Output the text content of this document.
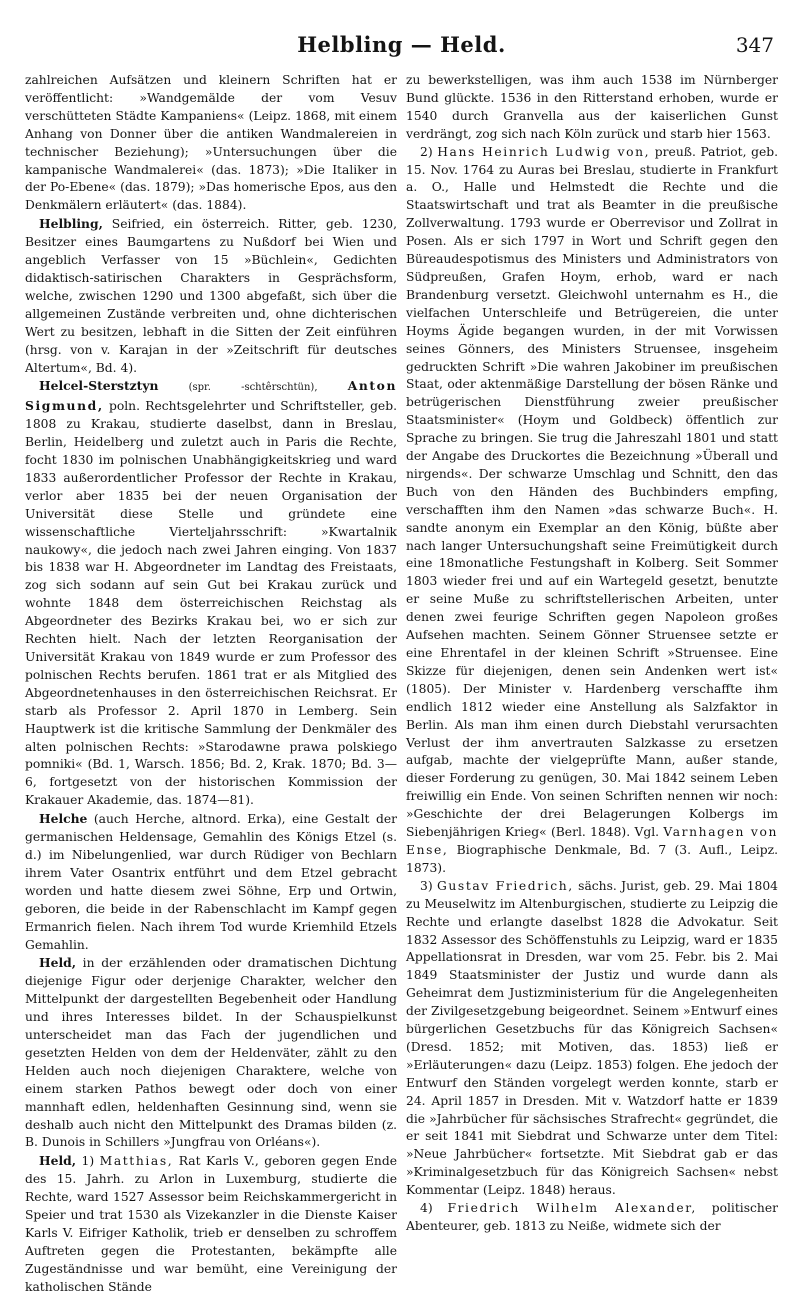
Helbling — Held.	347

zahlreichen Aufsätzen und kleinern Schriften hat er veröffentlicht: »Wandgemälde der vom Vesuv verschütteten Städte Kampaniens« (Leipz. 1868, mit einem Anhang von Donner über die antiken Wandmalereien in technischer Beziehung); »Untersuchungen über die kampanische Wandmalerei« (das. 1873); »Die Italiker in der Po-Ebene« (das. 1879); »Das homerische Epos, aus den Denkmälern erläutert« (das. 1884).

Helbling, Seifried, ein österreich. Ritter, geb. 1230, Besitzer eines Baumgartens zu Nußdorf bei Wien und angeblich Verfasser von 15 »Büchlein«, Gedichten didaktisch-satirischen Charakters in Gesprächsform, welche, zwischen 1290 und 1300 abgefaßt, sich über die allgemeinen Zustände verbreiten und, ohne dichterischen Wert zu besitzen, lebhaft in die Sitten der Zeit einführen (hrsg. von v. Karajan in der »Zeitschrift für deutsches Altertum«, Bd. 4).

Helcel-Sterstztyn (spr. -schtêrschtün), Anton Sigmund, poln. Rechtsgelehrter und Schriftsteller, geb. 1808 zu Krakau, studierte daselbst, dann in Breslau, Berlin, Heidelberg und zuletzt auch in Paris die Rechte, focht 1830 im polnischen Unabhängigkeitskrieg und ward 1833 außerordentlicher Professor der Rechte in Krakau, verlor aber 1835 bei der neuen Organisation der Universität diese Stelle und gründete eine wissenschaftliche Vierteljahrsschrift: »Kwartalnik naukowy«, die jedoch nach zwei Jahren einging. Von 1837 bis 1838 war H. Abgeordneter im Landtag des Freistaats, zog sich sodann auf sein Gut bei Krakau zurück und wohnte 1848 dem österreichischen Reichstag als Abgeordneter des Bezirks Krakau bei, wo er sich zur Rechten hielt. Nach der letzten Reorganisation der Universität Krakau von 1849 wurde er zum Professor des polnischen Rechts berufen. 1861 trat er als Mitglied des Abgeordnetenhauses in den österreichischen Reichsrat. Er starb als Professor 2. April 1870 in Lemberg. Sein Hauptwerk ist die kritische Sammlung der Denkmäler des alten polnischen Rechts: »Starodawne prawa polskiego pomniki« (Bd. 1, Warsch. 1856; Bd. 2, Krak. 1870; Bd. 3—6, fortgesetzt von der historischen Kommission der Krakauer Akademie, das. 1874—81).

Helche (auch Herche, altnord. Erka), eine Gestalt der germanischen Heldensage, Gemahlin des Königs Etzel (s. d.) im Nibelungenlied, war durch Rüdiger von Bechlarn ihrem Vater Osantrix entführt und dem Etzel gebracht worden und hatte diesem zwei Söhne, Erp und Ortwin, geboren, die beide in der Rabenschlacht im Kampf gegen Ermanrich fielen. Nach ihrem Tod wurde Kriemhild Etzels Gemahlin.

Held, in der erzählenden oder dramatischen Dichtung diejenige Figur oder derjenige Charakter, welcher den Mittelpunkt der dargestellten Begebenheit oder Handlung und ihres Interesses bildet. In der Schauspielkunst unterscheidet man das Fach der jugendlichen und gesetzten Helden von dem der Heldenväter, zählt zu den Helden auch noch diejenigen Charaktere, welche von einem starken Pathos bewegt oder doch von einer mannhaft edlen, heldenhaften Gesinnung sind, wenn sie deshalb auch nicht den Mittelpunkt des Dramas bilden (z. B. Dunois in Schillers »Jungfrau von Orléans«).

Held, 1) Matthias, Rat Karls V., geboren gegen Ende des 15. Jahrh. zu Arlon in Luxemburg, studierte die Rechte, ward 1527 Assessor beim Reichskammergericht in Speier und trat 1530 als Vizekanzler in die Dienste Kaiser Karls V. Eifriger Katholik, trieb er denselben zu schroffem Auftreten gegen die Protestanten, bekämpfte alle Zugeständnisse und war bemüht, eine Vereinigung der katholischen Stände

zu bewerkstelligen, was ihm auch 1538 im Nürnberger Bund glückte. 1536 in den Ritterstand erhoben, wurde er 1540 durch Granvella aus der kaiserlichen Gunst verdrängt, zog sich nach Köln zurück und starb hier 1563.

2) Hans Heinrich Ludwig von, preuß. Patriot, geb. 15. Nov. 1764 zu Auras bei Breslau, studierte in Frankfurt a. O., Halle und Helmstedt die Rechte und die Staatswirtschaft und trat als Beamter in die preußische Zollverwaltung. 1793 wurde er Oberrevisor und Zollrat in Posen. Als er sich 1797 in Wort und Schrift gegen den Büreaudespotismus des Ministers und Administrators von Südpreußen, Grafen Hoym, erhob, ward er nach Brandenburg versetzt. Gleichwohl unternahm es H., die vielfachen Unterschleife und Betrügereien, die unter Hoyms Ägide begangen wurden, in der mit Vorwissen seines Gönners, des Ministers Struensee, insgeheim gedruckten Schrift »Die wahren Jakobiner im preußischen Staat, oder aktenmäßige Darstellung der bösen Ränke und betrügerischen Dienstführung zweier preußischer Staatsminister« (Hoym und Goldbeck) öffentlich zur Sprache zu bringen. Sie trug die Jahreszahl 1801 und statt der Angabe des Druckortes die Bezeichnung »Überall und nirgends«. Der schwarze Umschlag und Schnitt, den das Buch von den Händen des Buchbinders empfing, verschafften ihm den Namen »das schwarze Buch«. H. sandte anonym ein Exemplar an den König, büßte aber nach langer Untersuchungshaft seine Freimütigkeit durch eine 18monatliche Festungshaft in Kolberg. Seit Sommer 1803 wieder frei und auf ein Wartegeld gesetzt, benutzte er seine Muße zu schriftstellerischen Arbeiten, unter denen zwei feurige Schriften gegen Napoleon großes Aufsehen machten. Seinem Gönner Struensee setzte er eine Ehrentafel in der kleinen Schrift »Struensee. Eine Skizze für diejenigen, denen sein Andenken wert ist« (1805). Der Minister v. Hardenberg verschaffte ihm endlich 1812 wieder eine Anstellung als Salzfaktor in Berlin. Als man ihm einen durch Diebstahl verursachten Verlust der ihm anvertrauten Salzkasse zu ersetzen aufgab, machte der vielgeprüfte Mann, außer stande, dieser Forderung zu genügen, 30. Mai 1842 seinem Leben freiwillig ein Ende. Von seinen Schriften nennen wir noch: »Geschichte der drei Belagerungen Kolbergs im Siebenjährigen Krieg« (Berl. 1848). Vgl. Varnhagen von Ense, Biographische Denkmale, Bd. 7 (3. Aufl., Leipz. 1873).

3) Gustav Friedrich, sächs. Jurist, geb. 29. Mai 1804 zu Meuselwitz im Altenburgischen, studierte zu Leipzig die Rechte und erlangte daselbst 1828 die Advokatur. Seit 1832 Assessor des Schöffenstuhls zu Leipzig, ward er 1835 Appellationsrat in Dresden, war vom 25. Febr. bis 2. Mai 1849 Staatsminister der Justiz und wurde dann als Geheimrat dem Justizministerium für die Angelegenheiten der Zivilgesetzgebung beigeordnet. Seinem »Entwurf eines bürgerlichen Gesetzbuchs für das Königreich Sachsen« (Dresd. 1852; mit Motiven, das. 1853) ließ er »Erläuterungen« dazu (Leipz. 1853) folgen. Ehe jedoch der Entwurf den Ständen vorgelegt werden konnte, starb er 24. April 1857 in Dresden. Mit v. Watzdorf hatte er 1839 die »Jahrbücher für sächsisches Strafrecht« gegründet, die er seit 1841 mit Siebdrat und Schwarze unter dem Titel: »Neue Jahrbücher« fortsetzte. Mit Siebdrat gab er das »Kriminalgesetzbuch für das Königreich Sachsen« nebst Kommentar (Leipz. 1848) heraus.

4) Friedrich Wilhelm Alexander, politischer Abenteurer, geb. 1813 zu Neiße, widmete sich der
